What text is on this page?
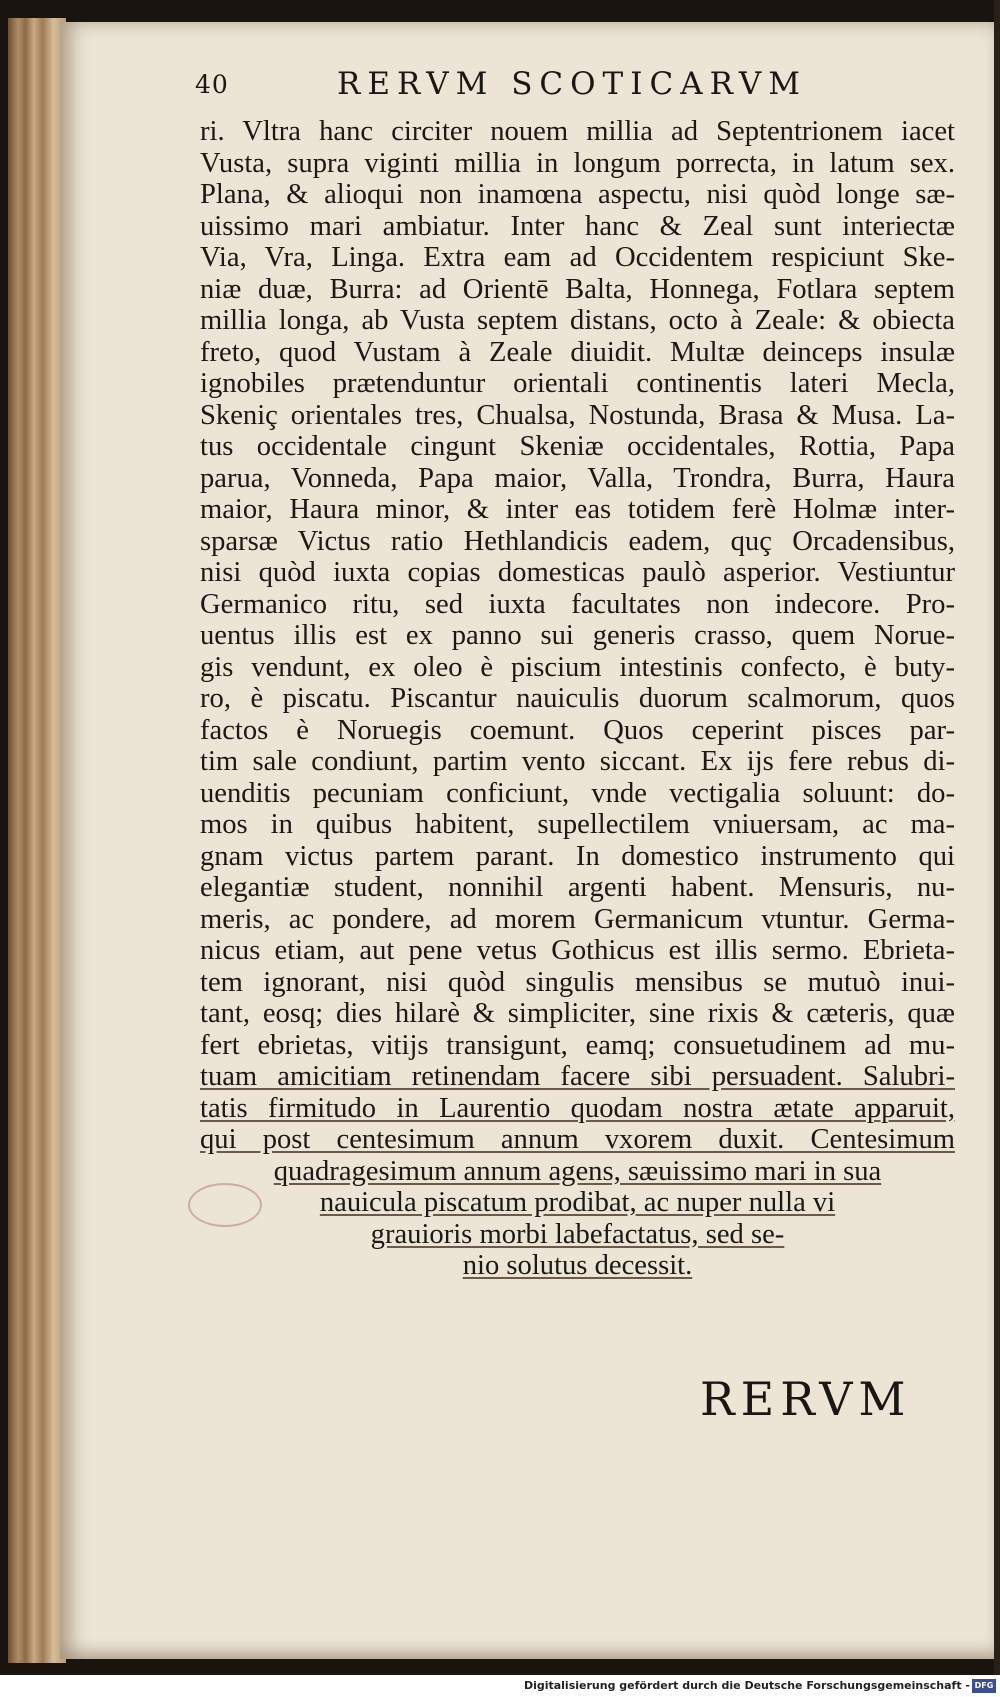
40	RERVM SCOTICARVM
ri. Vltra hanc circiter nouem millia ad Septentrionem iacet
Vusta, supra viginti millia in longum porrecta, in latum sex.
Plana, & alioqui non inamœna aspectu, nisi quòd longe sæ-
uissimo mari ambiatur. Inter hanc & Zeal sunt interiectæ
Via, Vra, Linga. Extra eam ad Occidentem respiciunt Ske-
niæ duæ, Burra: ad Orientē Balta, Honnega, Fotlara septem
millia longa, ab Vusta septem distans, octo à Zeale: & obiecta
freto, quod Vustam à Zeale diuidit. Multæ deinceps insulæ
ignobiles prætenduntur orientali continentis lateri Mecla,
Skeniç orientales tres, Chualsa, Nostunda, Brasa & Musa. La-
tus occidentale cingunt Skeniæ occidentales, Rottia, Papa
parua, Vonneda, Papa maior, Valla, Trondra, Burra, Haura
maior, Haura minor, & inter eas totidem ferè Holmæ inter-
sparsæ Victus ratio Hethlandicis eadem, quç Orcadensibus,
nisi quòd iuxta copias domesticas paulò asperior. Vestiuntur
Germanico ritu, sed iuxta facultates non indecore. Pro-
uentus illis est ex panno sui generis crasso, quem Norue-
gis vendunt, ex oleo è piscium intestinis confecto, è buty-
ro, è piscatu. Piscantur nauiculis duorum scalmorum, quos
factos è Noruegis coemunt. Quos ceperint pisces par-
tim sale condiunt, partim vento siccant. Ex ijs fere rebus di-
uenditis pecuniam conficiunt, vnde vectigalia soluunt: do-
mos in quibus habitent, supellectilem vniuersam, ac ma-
gnam victus partem parant. In domestico instrumento qui
elegantiæ student, nonnihil argenti habent. Mensuris, nu-
meris, ac pondere, ad morem Germanicum vtuntur. Germa-
nicus etiam, aut pene vetus Gothicus est illis sermo. Ebrieta-
tem ignorant, nisi quòd singulis mensibus se mutuò inui-
tant, eosq; dies hilarè & simpliciter, sine rixis & cæteris, quæ
fert ebrietas, vitijs transigunt, eamq; consuetudinem ad mu-
tuam amicitiam retinendam facere sibi persuadent. Salubri-
tatis firmitudo in Laurentio quodam nostra ætate apparuit,
qui post centesimum annum vxorem duxit. Centesimum
quadragesimum annum agens, sæuissimo mari in sua
nauicula piscatum prodibat, ac nuper nulla vi
grauioris morbi labefactatus, sed se-
nio solutus decessit.
RERVM
Digitalisierung gefördert durch die Deutsche Forschungsgemeinschaft - DFG
